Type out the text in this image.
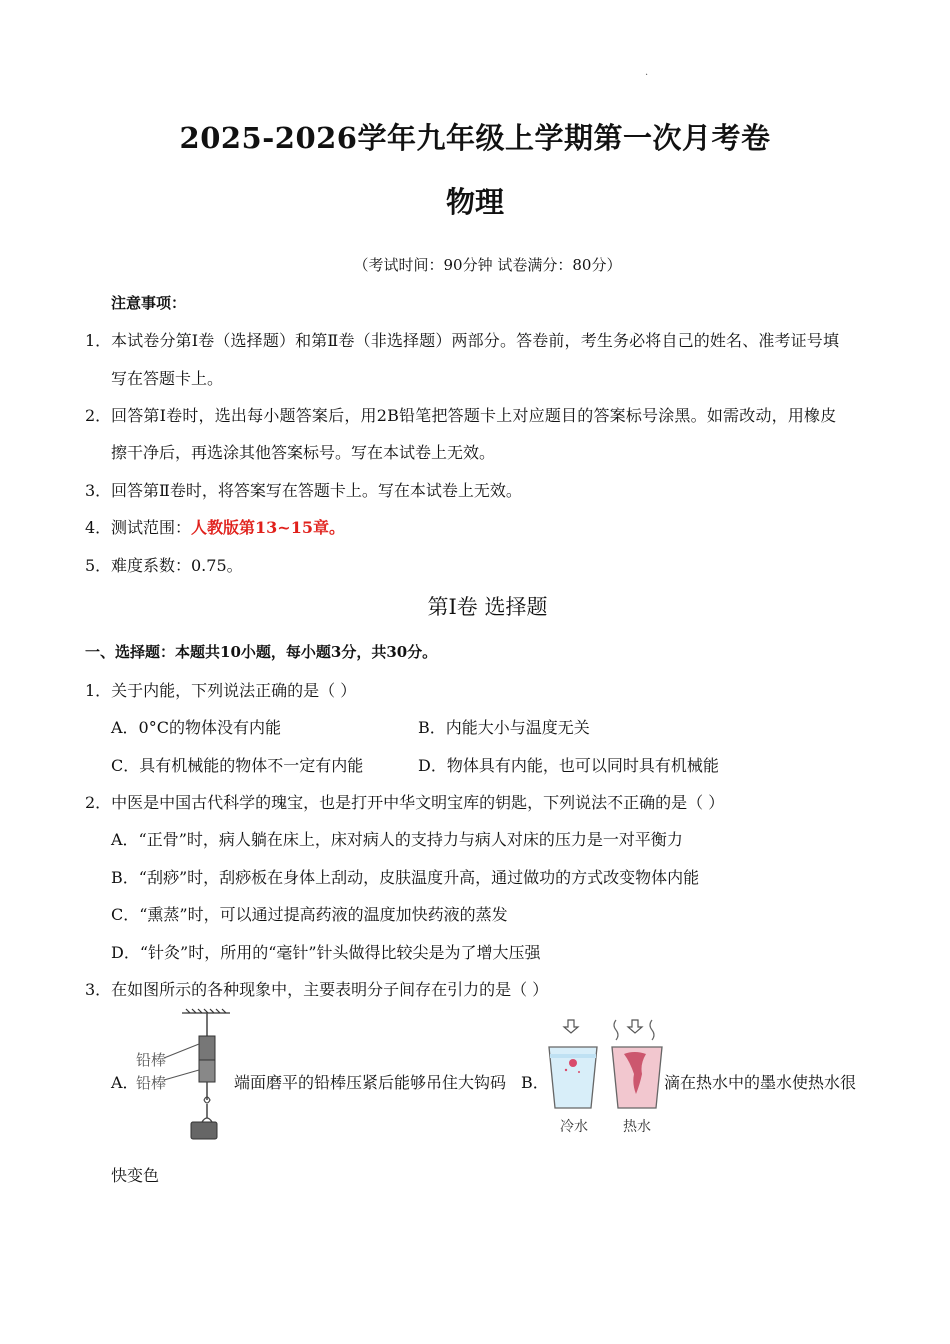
·
2025-2026学年九年级上学期第一次月考卷
物理
（考试时间：90分钟 试卷满分：80分）
注意事项：
1． 本试卷分第Ⅰ卷（选择题）和第Ⅱ卷（非选择题）两部分。答卷前，考生务必将自己的姓名、准考证号填
写在答题卡上。
2． 回答第Ⅰ卷时，选出每小题答案后，用2B铅笔把答题卡上对应题目的答案标号涂黑。如需改动，用橡皮
擦干净后，再选涂其他答案标号。写在本试卷上无效。
3． 回答第Ⅱ卷时，将答案写在答题卡上。写在本试卷上无效。
4． 测试范围：人教版第13~15章。
5． 难度系数：0.75。
第Ⅰ卷 选择题
一、选择题：本题共10小题，每小题3分，共30分。
1．关于内能，下列说法正确的是（ ）
A．0°C的物体没有内能	B．内能大小与温度无关
C．具有机械能的物体不一定有内能	D．物体具有内能，也可以同时具有机械能
2．中医是中国古代科学的瑰宝，也是打开中华文明宝库的钥匙，下列说法不正确的是（ ）
A．“正骨”时，病人躺在床上，床对病人的支持力与病人对床的压力是一对平衡力
B．“刮痧”时，刮痧板在身体上刮动，皮肤温度升高，通过做功的方式改变物体内能
C．“熏蒸”时，可以通过提高药液的温度加快药液的蒸发
D．“针灸”时，所用的“毫针”针头做得比较尖是为了增大压强
3．在如图所示的各种现象中，主要表明分子间存在引力的是（ ）
A．
铅棒
铅棒	端面磨平的铅棒压紧后能够吊住大钩码 B．
冷水	热水
滴在热水中的墨水使热水很
快变色
